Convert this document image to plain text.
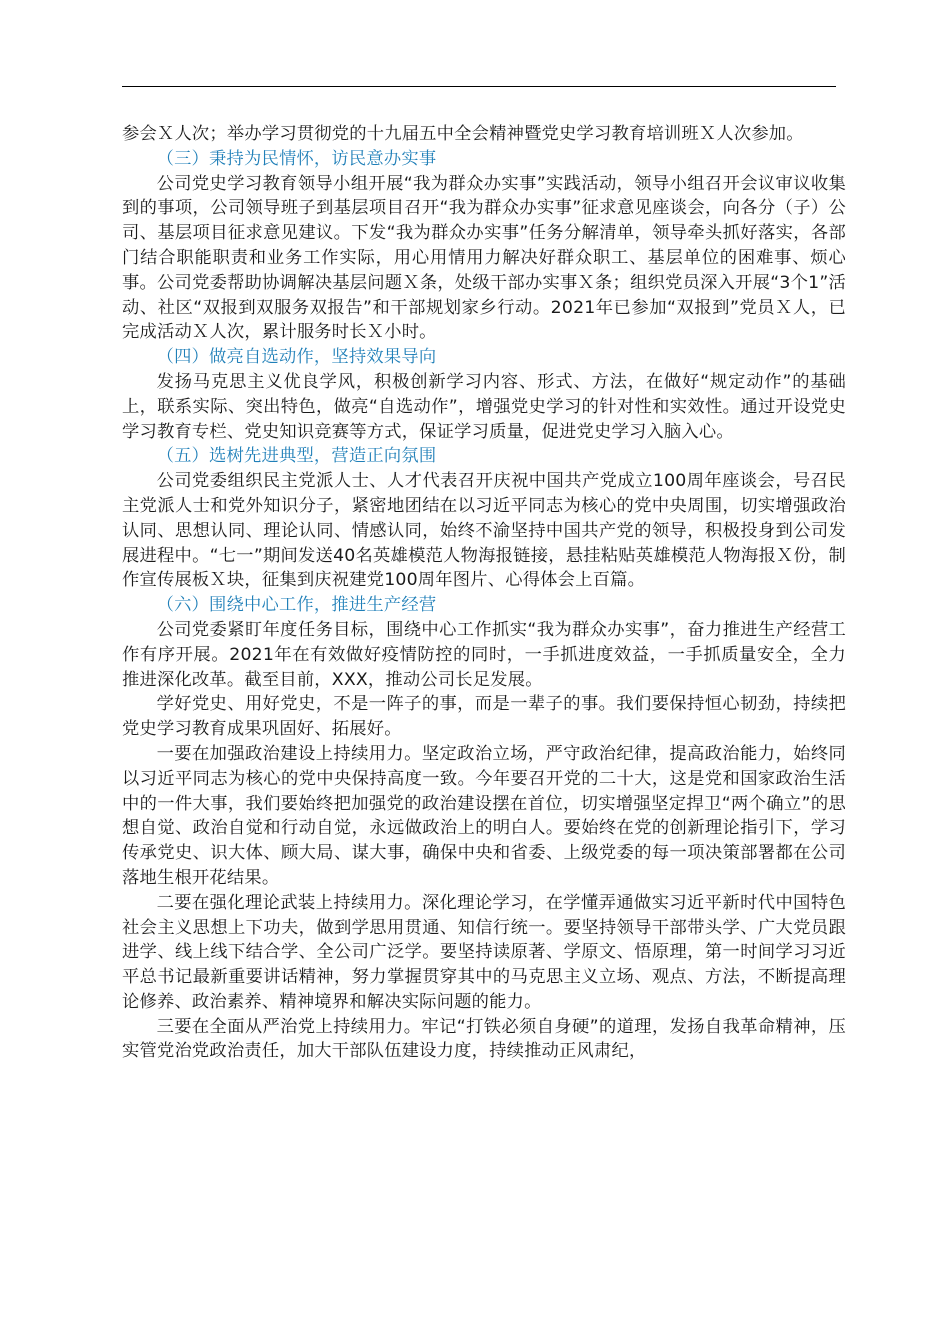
参会Ｘ人次；举办学习贯彻党的十九届五中全会精神暨党史学习教育培训班Ｘ人次参加。

（三）秉持为民情怀，访民意办实事

公司党史学习教育领导小组开展“我为群众办实事”实践活动，领导小组召开会议审议收集到的事项，公司领导班子到基层项目召开“我为群众办实事”征求意见座谈会，向各分（子）公司、基层项目征求意见建议。下发“我为群众办实事”任务分解清单，领导牵头抓好落实，各部门结合职能职责和业务工作实际，用心用情用力解决好群众职工、基层单位的困难事、烦心事。公司党委帮助协调解决基层问题Ｘ条，处级干部办实事Ｘ条；组织党员深入开展“3个1”活动、社区“双报到双服务双报告”和干部规划家乡行动。2021年已参加“双报到”党员Ｘ人，已完成活动Ｘ人次，累计服务时长Ｘ小时。

（四）做亮自选动作，坚持效果导向

发扬马克思主义优良学风，积极创新学习内容、形式、方法，在做好“规定动作”的基础上，联系实际、突出特色，做亮“自选动作”，增强党史学习的针对性和实效性。通过开设党史学习教育专栏、党史知识竞赛等方式，保证学习质量，促进党史学习入脑入心。

（五）选树先进典型，营造正向氛围

公司党委组织民主党派人士、人才代表召开庆祝中国共产党成立100周年座谈会，号召民主党派人士和党外知识分子，紧密地团结在以习近平同志为核心的党中央周围，切实增强政治认同、思想认同、理论认同、情感认同，始终不渝坚持中国共产党的领导，积极投身到公司发展进程中。“七一”期间发送40名英雄模范人物海报链接，悬挂粘贴英雄模范人物海报Ｘ份，制作宣传展板Ｘ块，征集到庆祝建党100周年图片、心得体会上百篇。

（六）围绕中心工作，推进生产经营

公司党委紧盯年度任务目标，围绕中心工作抓实“我为群众办实事”，奋力推进生产经营工作有序开展。2021年在有效做好疫情防控的同时，一手抓进度效益，一手抓质量安全，全力推进深化改革。截至目前，XXX，推动公司长足发展。

学好党史、用好党史，不是一阵子的事，而是一辈子的事。我们要保持恒心韧劲，持续把党史学习教育成果巩固好、拓展好。

一要在加强政治建设上持续用力。坚定政治立场，严守政治纪律，提高政治能力，始终同以习近平同志为核心的党中央保持高度一致。今年要召开党的二十大，这是党和国家政治生活中的一件大事，我们要始终把加强党的政治建设摆在首位，切实增强坚定捍卫“两个确立”的思想自觉、政治自觉和行动自觉，永远做政治上的明白人。要始终在党的创新理论指引下，学习传承党史、识大体、顾大局、谋大事，确保中央和省委、上级党委的每一项决策部署都在公司落地生根开花结果。

二要在强化理论武装上持续用力。深化理论学习，在学懂弄通做实习近平新时代中国特色社会主义思想上下功夫，做到学思用贯通、知信行统一。要坚持领导干部带头学、广大党员跟进学、线上线下结合学、全公司广泛学。要坚持读原著、学原文、悟原理，第一时间学习习近平总书记最新重要讲话精神，努力掌握贯穿其中的马克思主义立场、观点、方法，不断提高理论修养、政治素养、精神境界和解决实际问题的能力。

三要在全面从严治党上持续用力。牢记“打铁必须自身硬”的道理，发扬自我革命精神，压实管党治党政治责任，加大干部队伍建设力度，持续推动正风肃纪，
